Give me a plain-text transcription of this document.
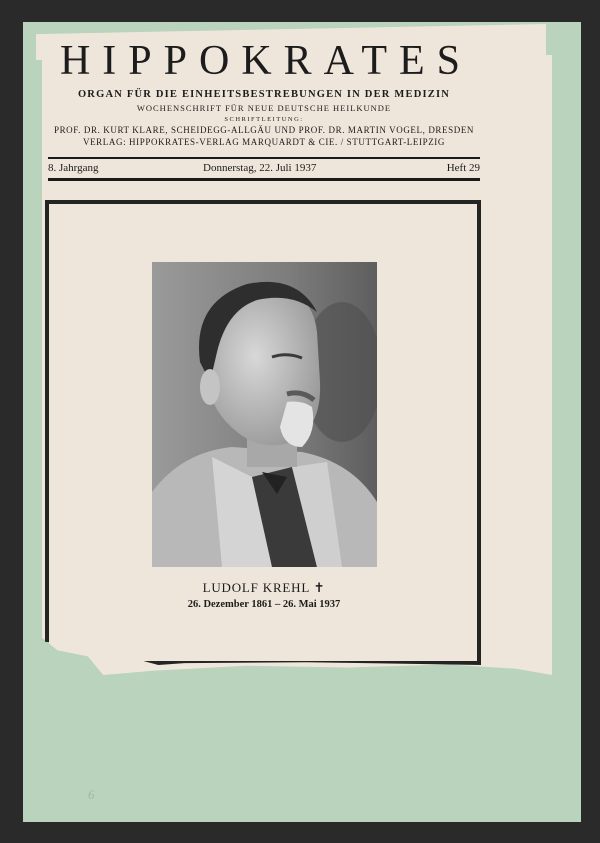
6
HIPPOKRATES
ORGAN FÜR DIE EINHEITSBESTREBUNGEN IN DER MEDIZIN
WOCHENSCHRIFT FÜR NEUE DEUTSCHE HEILKUNDE
SCHRIFTLEITUNG:
PROF. DR. KURT KLARE, SCHEIDEGG-ALLGÄU UND PROF. DR. MARTIN VOGEL, DRESDEN
VERLAG: HIPPOKRATES-VERLAG MARQUARDT & CIE. / STUTTGART-LEIPZIG
8. Jahrgang	Donnerstag, 22. Juli 1937	Heft 29
LUDOLF KREHL ✝
26. Dezember 1861 – 26. Mai 1937
